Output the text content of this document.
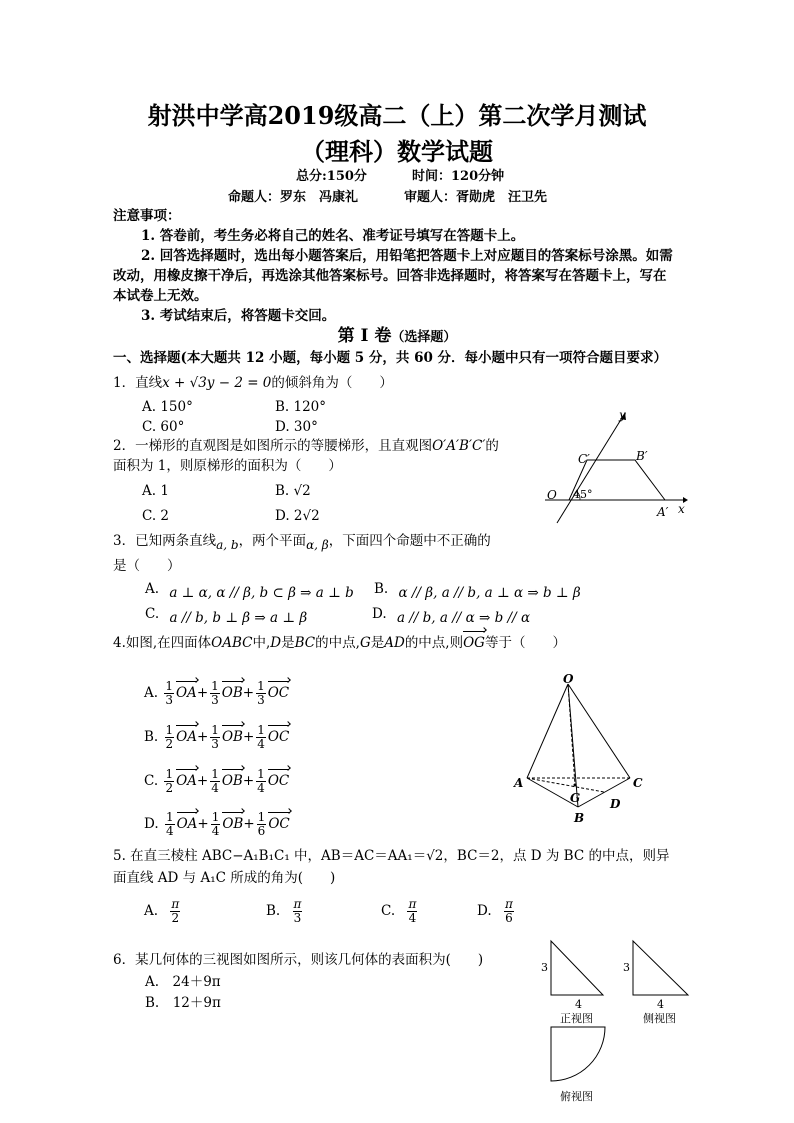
射洪中学高2019级高二（上）第二次学月测试
（理科）数学试题
总分:150分	时间：120分钟
命题人：罗东　冯康礼	审题人：胥勋虎　汪卫先
注意事项：
1. 答卷前，考生务必将自己的姓名、准考证号填写在答题卡上。
2. 回答选择题时，选出每小题答案后，用铅笔把答题卡上对应题目的答案标号涂黑。如需
改动，用橡皮擦干净后，再选涂其他答案标号。回答非选择题时，将答案写在答题卡上，写在
本试卷上无效。
3. 考试结束后，将答题卡交回。
第 I 卷（选择题）
一、选择题(本大题共 12 小题，每小题 5 分，共 60 分．每小题中只有一项符合题目要求）
1．直线x + √3y − 2 = 0的倾斜角为（　　）
A. 150°	B. 120°
C. 60°	D. 30°
2．一梯形的直观图是如图所示的等腰梯形，且直观图O′A′B′C′的
面积为 1，则原梯形的面积为（　　）
A. 1	B. √2
C. 2	D. 2√2
y
C′	B′
O 45°
A′ x
3．已知两条直线a, b，两个平面α, β，下面四个命题中不正确的
是（　　）
A. a ⊥ α, α // β, b ⊂ β ⇒ a ⊥ b B. α // β, a // b, a ⊥ α ⇒ b ⊥ β
C. a // b, b ⊥ β ⇒ a ⊥ β	D. a // b, a // α ⇒ b // α
4.如图,在四面体OABC中,D是BC的中点,G是AD的中点,则OG等于（　　）
A. $\frac{1}{3} OA+ \frac{1}{3} OB+ \frac{1}{3}$ OC
B. $\frac{1}{2} OA+ \frac{1}{3} OB+ \frac{1}{4}$ OC
C. $\frac{1}{2} OA+ \frac{1}{4} OB+ \frac{1}{4}$ OC
D. $\frac{1}{4} OA+ \frac{1}{4} OB+ \frac{1}{6}$ OC
O
A	C
G D
B
5. 在直三棱柱 ABC−A₁B₁C₁ 中，AB＝AC＝AA₁＝√2，BC＝2，点 D 为 BC 的中点，则异
面直线 AD 与 A₁C 所成的角为(　　)
A. $\frac{\pi}{2}$	B. $\frac{\pi}{3}$	C. $\frac{\pi}{4}$	D. $\frac{\pi}{6}$
6．某几何体的三视图如图所示，则该几何体的表面积为(　　)
A.　24＋9π
B.　12＋9π
3
4
正视图
3
4
侧视图
俯视图
